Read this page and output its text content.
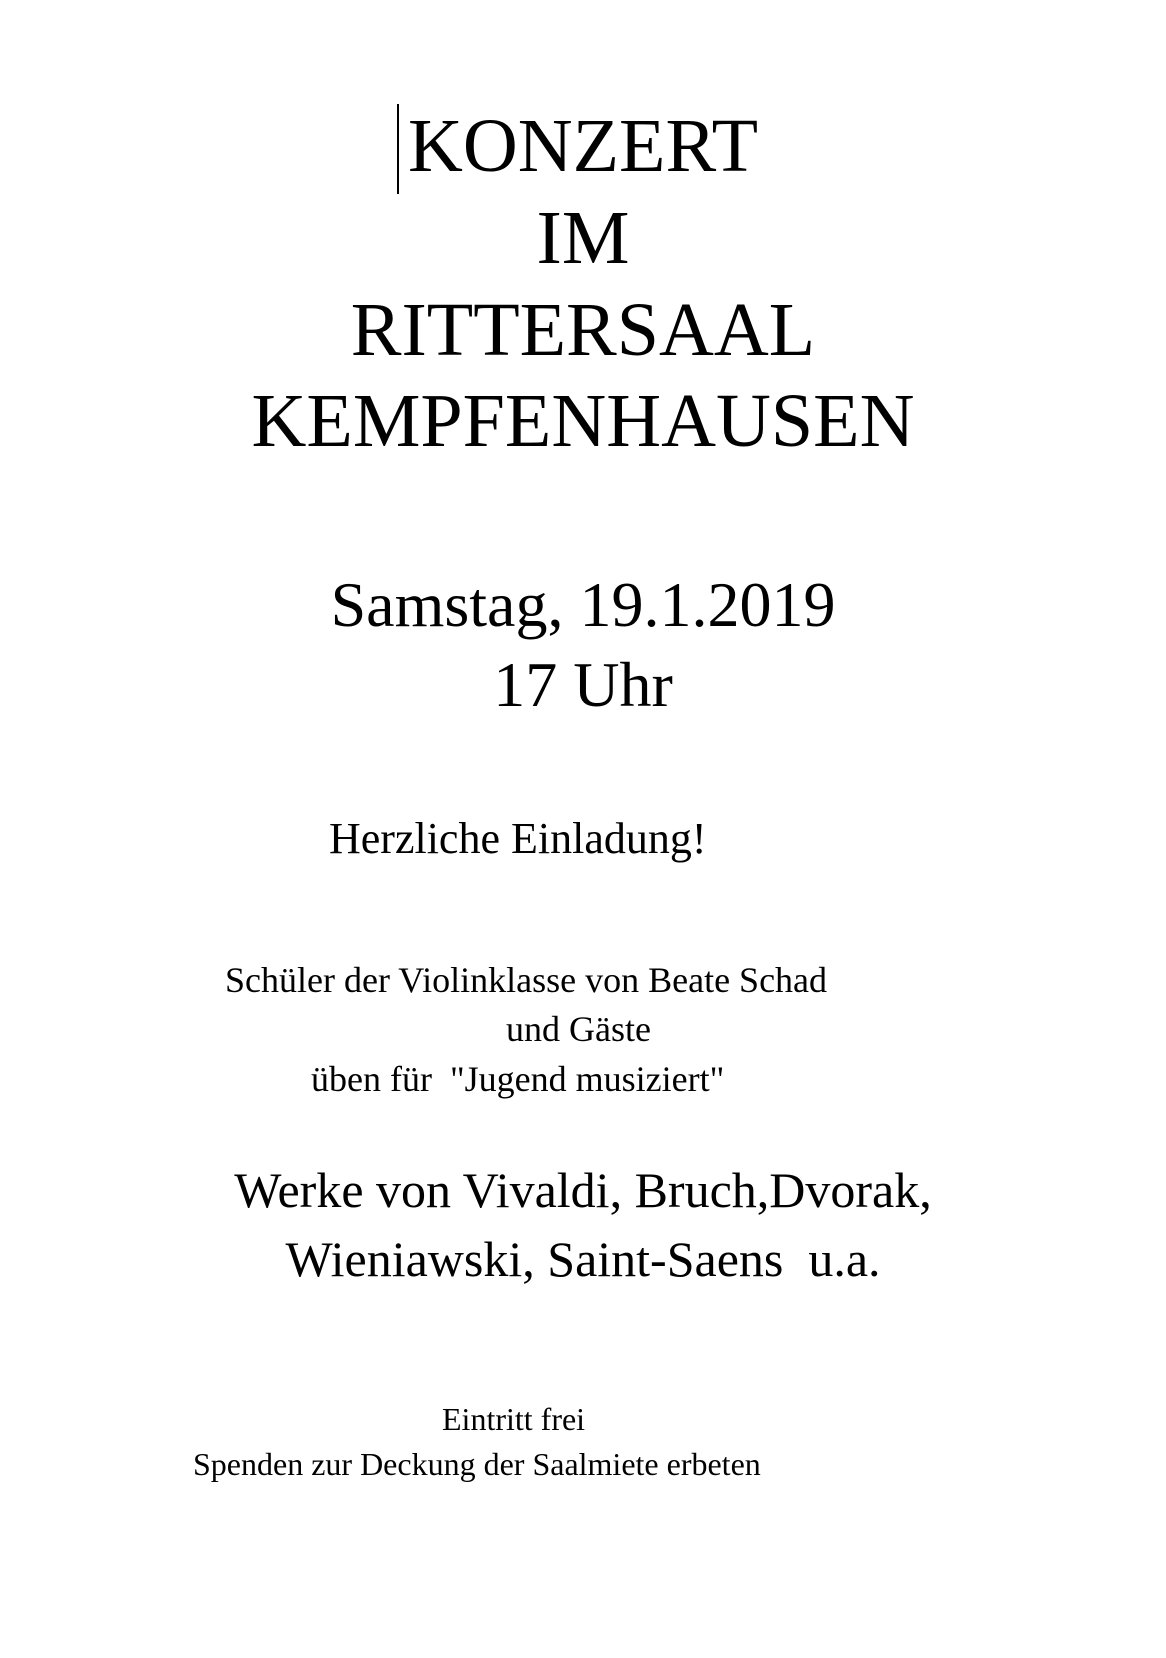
KONZERT
IM
RITTERSAAL
KEMPFENHAUSEN
Samstag, 19.1.2019
17 Uhr
Herzliche Einladung!
Schüler der Violinklasse von Beate Schad
und Gäste
üben für  "Jugend musiziert"
Werke von Vivaldi, Bruch,Dvorak,
Wieniawski, Saint-Saens  u.a.
Eintritt frei
Spenden zur Deckung der Saalmiete erbeten
